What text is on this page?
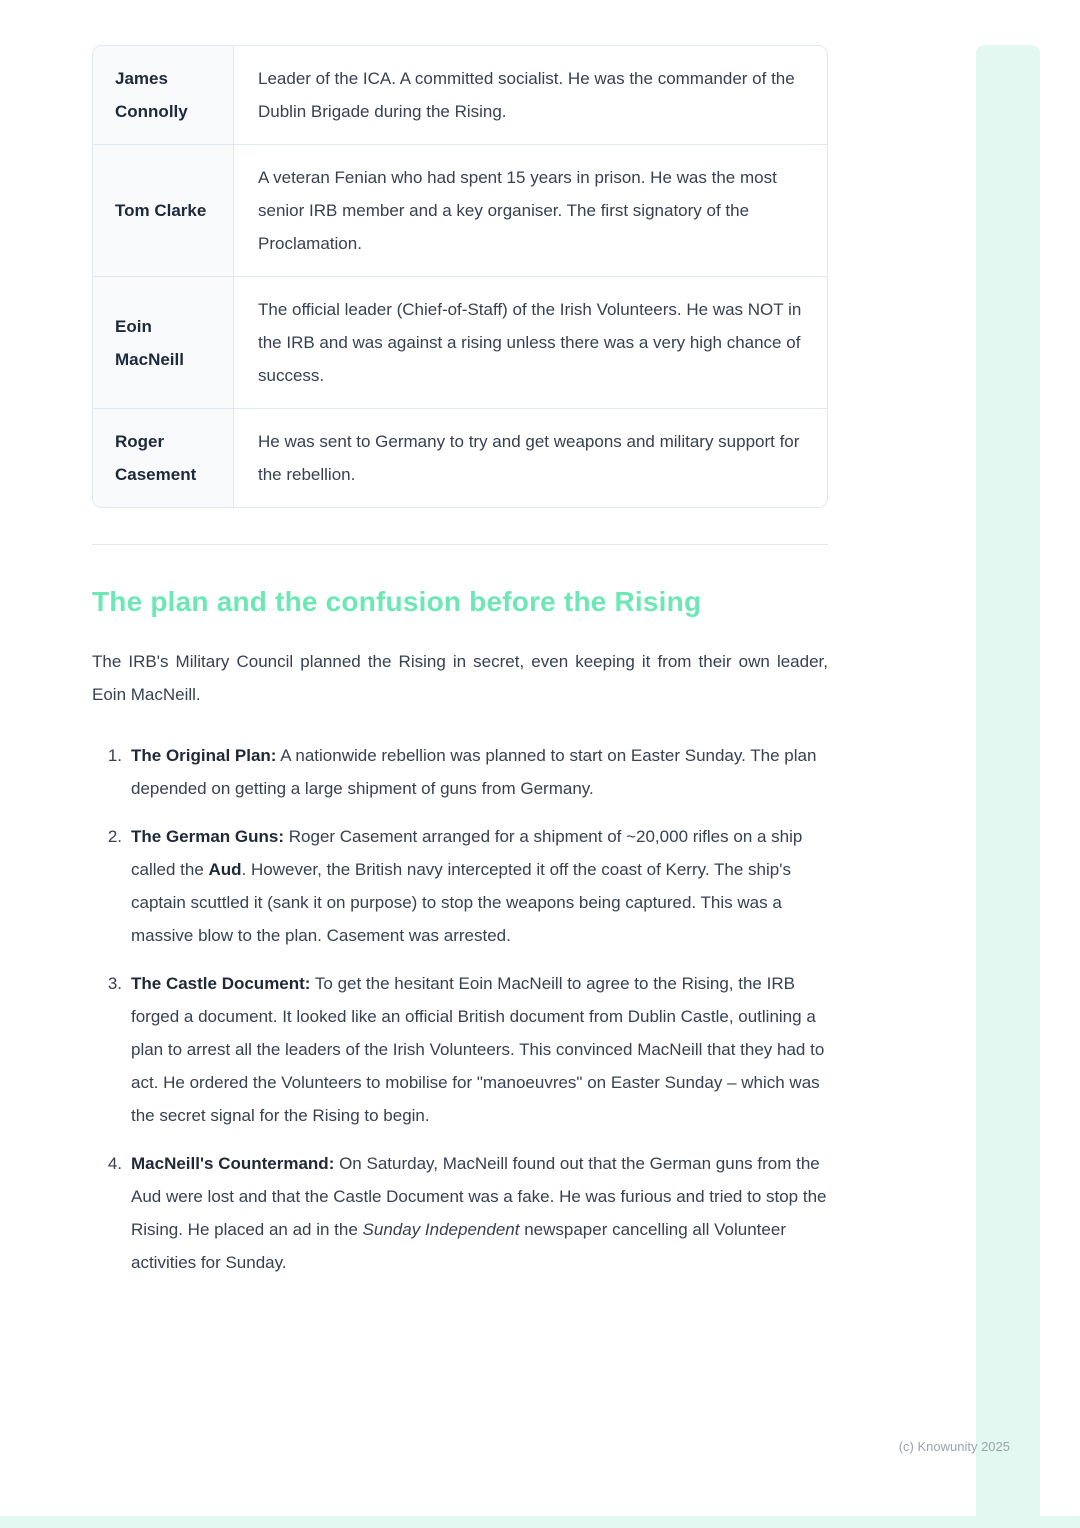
James Connolly
Leader of the ICA. A committed socialist. He was the commander of the Dublin Brigade during the Rising.
Tom Clarke
A veteran Fenian who had spent 15 years in prison. He was the most senior IRB member and a key organiser. The first signatory of the Proclamation.
Eoin MacNeill
The official leader (Chief-of-Staff) of the Irish Volunteers. He was NOT in the IRB and was against a rising unless there was a very high chance of success.
Roger Casement
He was sent to Germany to try and get weapons and military support for the rebellion.
The plan and the confusion before the Rising

The IRB's Military Council planned the Rising in secret, even keeping it from their own leader, Eoin MacNeill.

1. The Original Plan: A nationwide rebellion was planned to start on Easter Sunday. The plan depended on getting a large shipment of guns from Germany.
2. The German Guns: Roger Casement arranged for a shipment of ~20,000 rifles on a ship called the Aud. However, the British navy intercepted it off the coast of Kerry. The ship's captain scuttled it (sank it on purpose) to stop the weapons being captured. This was a massive blow to the plan. Casement was arrested.
3. The Castle Document: To get the hesitant Eoin MacNeill to agree to the Rising, the IRB forged a document. It looked like an official British document from Dublin Castle, outlining a plan to arrest all the leaders of the Irish Volunteers. This convinced MacNeill that they had to act. He ordered the Volunteers to mobilise for "manoeuvres" on Easter Sunday – which was the secret signal for the Rising to begin.
4. MacNeill's Countermand: On Saturday, MacNeill found out that the German guns from the Aud were lost and that the Castle Document was a fake. He was furious and tried to stop the Rising. He placed an ad in the Sunday Independent newspaper cancelling all Volunteer activities for Sunday.
(c) Knowunity 2025
